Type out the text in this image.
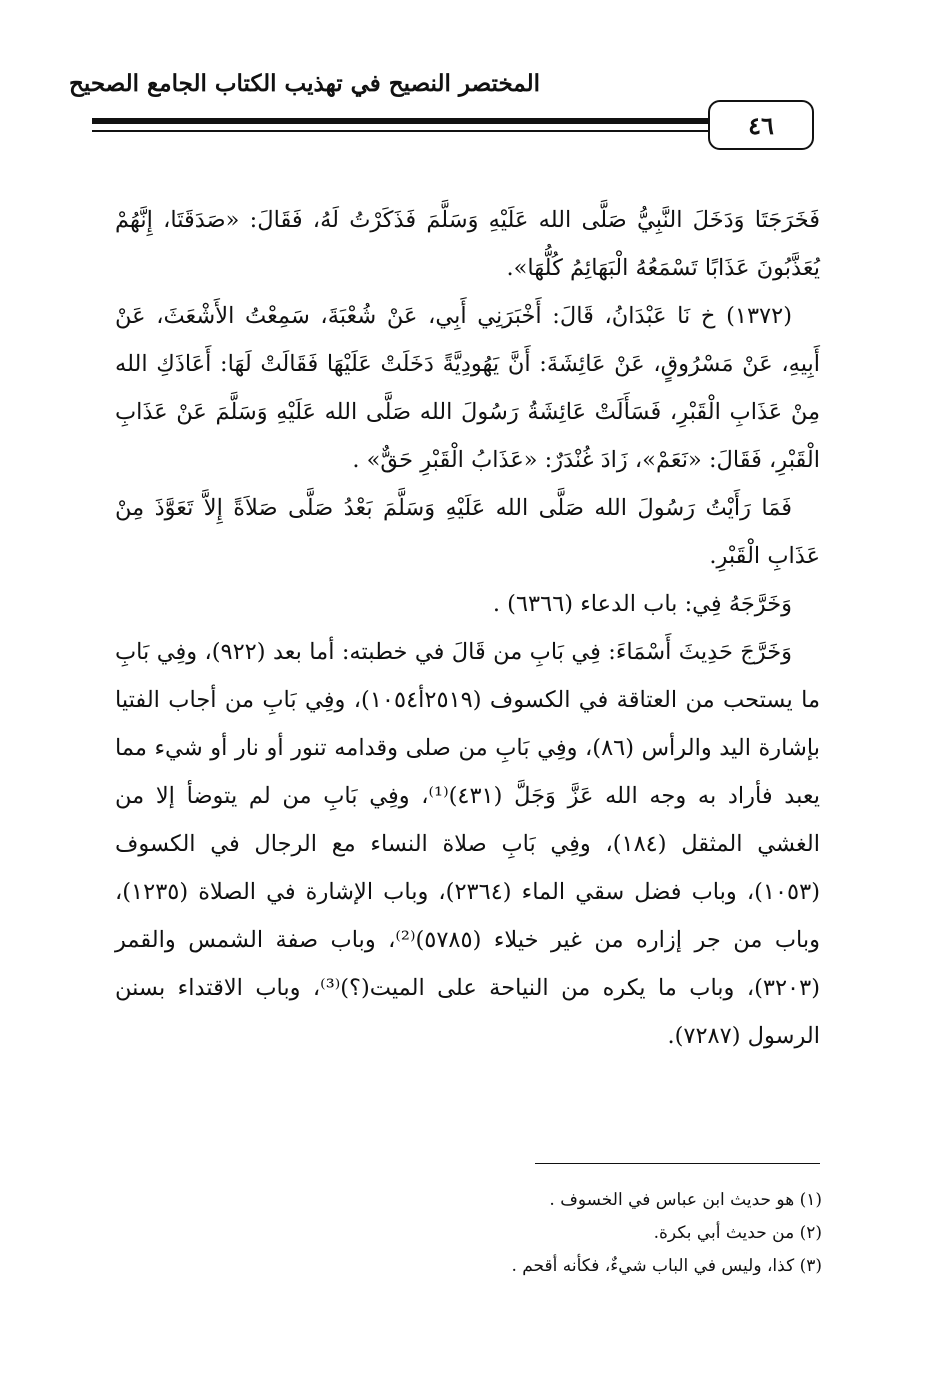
المختصر النصيح في تهذيب الكتاب الجامع الصحيح
٤٦

فَخَرَجَتَا وَدَخَلَ النَّبِيُّ صَلَّى الله عَلَيْهِ وَسَلَّمَ فَذَكَرْتُ لَهُ، فَقَالَ: «صَدَقَتَا، إِنَّهُمْ يُعَذَّبُونَ عَذَابًا تَسْمَعُهُ الْبَهَائِمُ كُلُّهَا».

(١٣٧٢) خ نَا عَبْدَانُ، قَالَ: أَخْبَرَنِي أَبِي، عَنْ شُعْبَةَ، سَمِعْتُ الأَشْعَثَ، عَنْ أَبِيهِ، عَنْ مَسْرُوقٍ، عَنْ عَائِشَةَ: أَنَّ يَهُودِيَّةً دَخَلَتْ عَلَيْهَا فَقَالَتْ لَهَا: أَعَاذَكِ الله مِنْ عَذَابِ الْقَبْرِ، فَسَأَلَتْ عَائِشَةُ رَسُولَ الله صَلَّى الله عَلَيْهِ وَسَلَّمَ عَنْ عَذَابِ الْقَبْرِ، فَقَالَ: «نَعَمْ»، زَادَ غُنْدَرٌ: «عَذَابُ الْقَبْرِ حَقٌّ» .

فَمَا رَأَيْتُ رَسُولَ الله صَلَّى الله عَلَيْهِ وَسَلَّمَ بَعْدُ صَلَّى صَلاَةً إِلاَّ تَعَوَّذَ مِنْ عَذَابِ الْقَبْرِ.

وَخَرَّجَهُ فِي: باب الدعاء (٦٣٦٦) .

وَخَرَّجَ حَدِيثَ أَسْمَاءَ: فِي بَابِ من قَالَ في خطبته: أما بعد (٩٢٢)، وفِي بَابِ ما يستحب من العتاقة في الكسوف (٢٥١٩أ١٠٥٤)، وفِي بَابِ من أجاب الفتيا بإشارة اليد والرأس (٨٦)، وفِي بَابِ من صلى وقدامه تنور أو نار أو شيء مما يعبد فأراد به وجه الله عَزَّ وَجَلَّ (٤٣١)⁽¹⁾، وفِي بَابِ من لم يتوضأ إلا من الغشي المثقل (١٨٤)، وفِي بَابِ صلاة النساء مع الرجال في الكسوف (١٠٥٣)، وباب فضل سقي الماء (٢٣٦٤)، وباب الإشارة في الصلاة (١٢٣٥)، وباب من جر إزاره من غير خيلاء (٥٧٨٥)⁽²⁾، وباب صفة الشمس والقمر (٣٢٠٣)، وباب ما يكره من النياحة على الميت(؟)⁽³⁾، وباب الاقتداء بسنن الرسول (٧٢٨٧).

(١) هو حديث ابن عباس في الخسوف .

(٢) من حديث أبي بكرة.

(٣) كذا، وليس في الباب شيءٌ، فكأنه أقحم .
